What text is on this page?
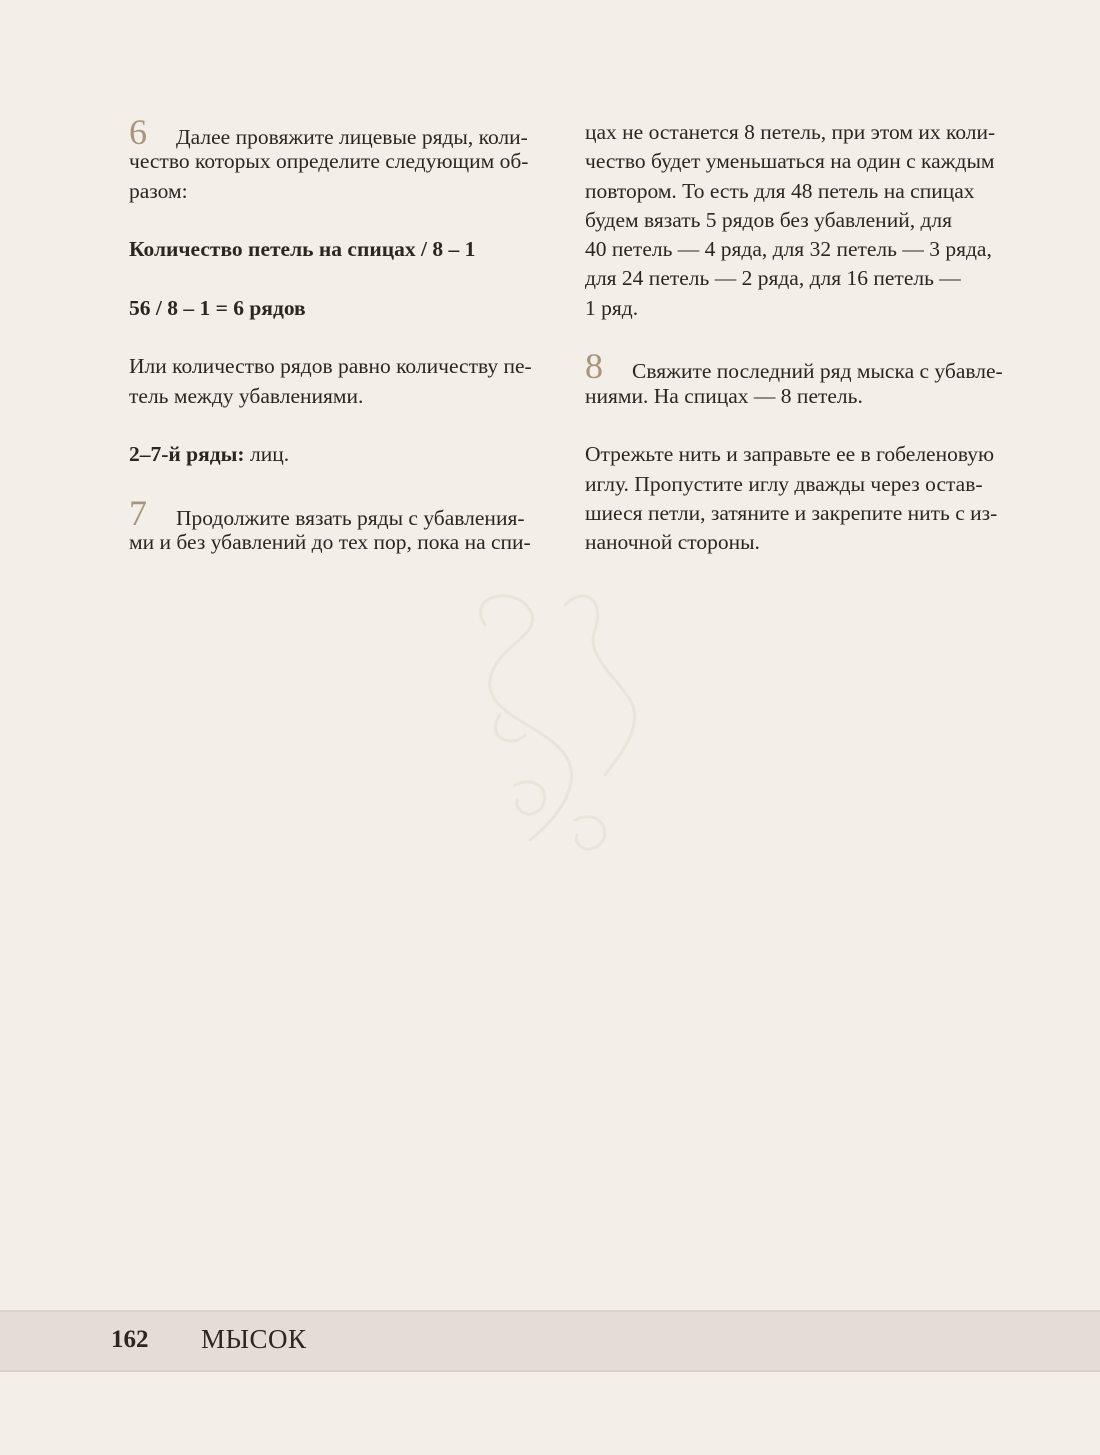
6 Далее провяжите лицевые ряды, коли-
чество которых определите следующим об-
разом:
Количество петель на спицах / 8 – 1
56 / 8 – 1 = 6 рядов
Или количество рядов равно количеству пе-
тель между убавлениями.
2–7-й ряды: лиц.
7 Продолжите вязать ряды с убавления-
ми и без убавлений до тех пор, пока на спи-
цах не останется 8 петель, при этом их коли-
чество будет уменьшаться на один с каждым
повтором. То есть для 48 петель на спицах
будем вязать 5 рядов без убавлений, для
40 петель — 4 ряда, для 32 петель — 3 ряда,
для 24 петель — 2 ряда, для 16 петель —
1 ряд.
8 Свяжите последний ряд мыска с убавле-
ниями. На спицах — 8 петель.
Отрежьте нить и заправьте ее в гобеленовую
иглу. Пропустите иглу дважды через остав-
шиеся петли, затяните и закрепите нить с из-
наночной стороны.
162 МЫСОК
